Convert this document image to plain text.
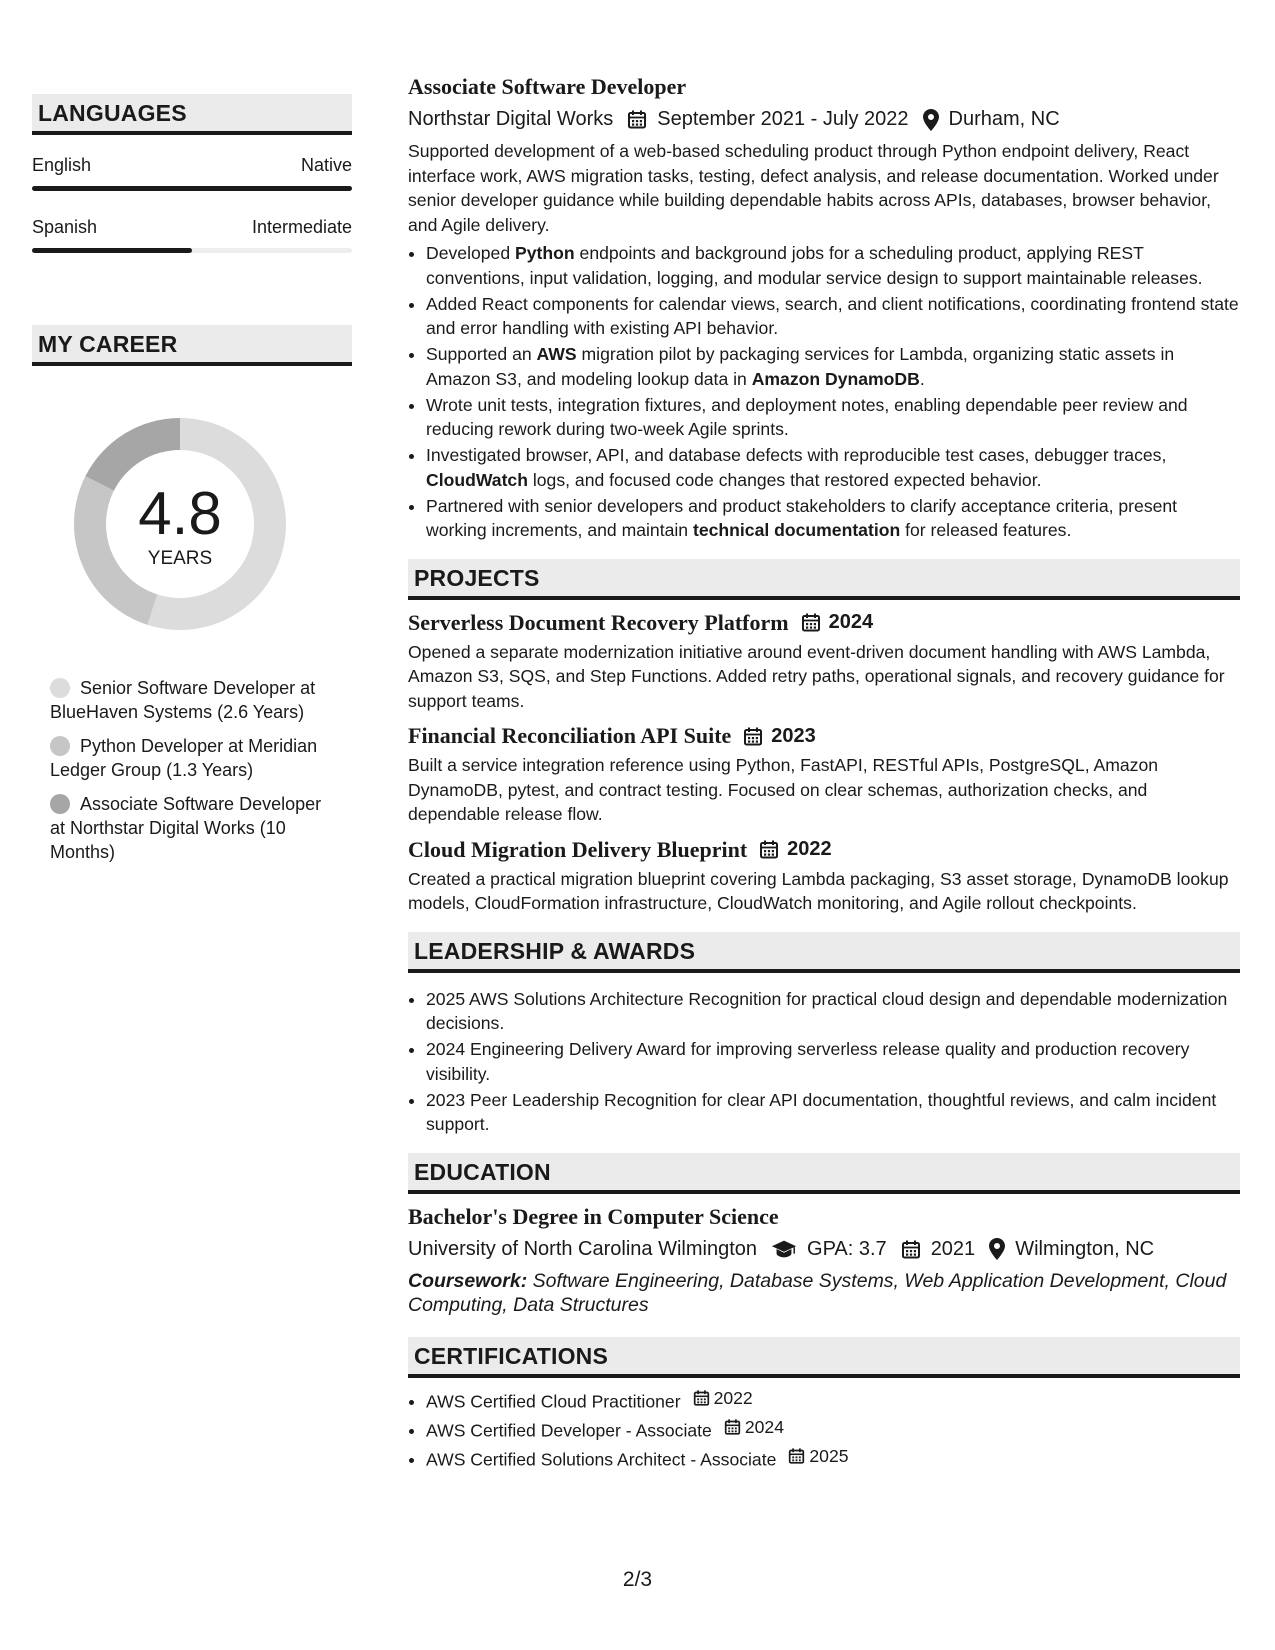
LANGUAGES
English	Native
Spanish	Intermediate
MY CAREER
4.8
YEARS
Senior Software Developer at BlueHaven Systems (2.6 Years)
Python Developer at Meridian Ledger Group (1.3 Years)
Associate Software Developer at Northstar Digital Works (10 Months)
Associate Software Developer
Northstar Digital Works September 2021 - July 2022 Durham, NC
Supported development of a web-based scheduling product through Python endpoint delivery, React interface work, AWS migration tasks, testing, defect analysis, and release documentation. Worked under senior developer guidance while building dependable habits across APIs, databases, browser behavior, and Agile delivery.
• Developed Python endpoints and background jobs for a scheduling product, applying REST conventions, input validation, logging, and modular service design to support maintainable releases.
• Added React components for calendar views, search, and client notifications, coordinating frontend state and error handling with existing API behavior.
• Supported an AWS migration pilot by packaging services for Lambda, organizing static assets in Amazon S3, and modeling lookup data in Amazon DynamoDB.
• Wrote unit tests, integration fixtures, and deployment notes, enabling dependable peer review and reducing rework during two-week Agile sprints.
• Investigated browser, API, and database defects with reproducible test cases, debugger traces, CloudWatch logs, and focused code changes that restored expected behavior.
• Partnered with senior developers and product stakeholders to clarify acceptance criteria, present working increments, and maintain technical documentation for released features.
PROJECTS
Serverless Document Recovery Platform 2024
Opened a separate modernization initiative around event-driven document handling with AWS Lambda, Amazon S3, SQS, and Step Functions. Added retry paths, operational signals, and recovery guidance for support teams.
Financial Reconciliation API Suite 2023
Built a service integration reference using Python, FastAPI, RESTful APIs, PostgreSQL, Amazon DynamoDB, pytest, and contract testing. Focused on clear schemas, authorization checks, and dependable release flow.
Cloud Migration Delivery Blueprint 2022
Created a practical migration blueprint covering Lambda packaging, S3 asset storage, DynamoDB lookup models, CloudFormation infrastructure, CloudWatch monitoring, and Agile rollout checkpoints.
LEADERSHIP & AWARDS
• 2025 AWS Solutions Architecture Recognition for practical cloud design and dependable modernization decisions.
• 2024 Engineering Delivery Award for improving serverless release quality and production recovery visibility.
• 2023 Peer Leadership Recognition for clear API documentation, thoughtful reviews, and calm incident support.
EDUCATION
Bachelor's Degree in Computer Science
University of North Carolina Wilmington	GPA: 3.7 2021 Wilmington, NC
Coursework: Software Engineering, Database Systems, Web Application Development, Cloud Computing, Data Structures
CERTIFICATIONS
• AWS Certified Cloud Practitioner 2022
• AWS Certified Developer - Associate 2024
• AWS Certified Solutions Architect - Associate 2025
2/3
